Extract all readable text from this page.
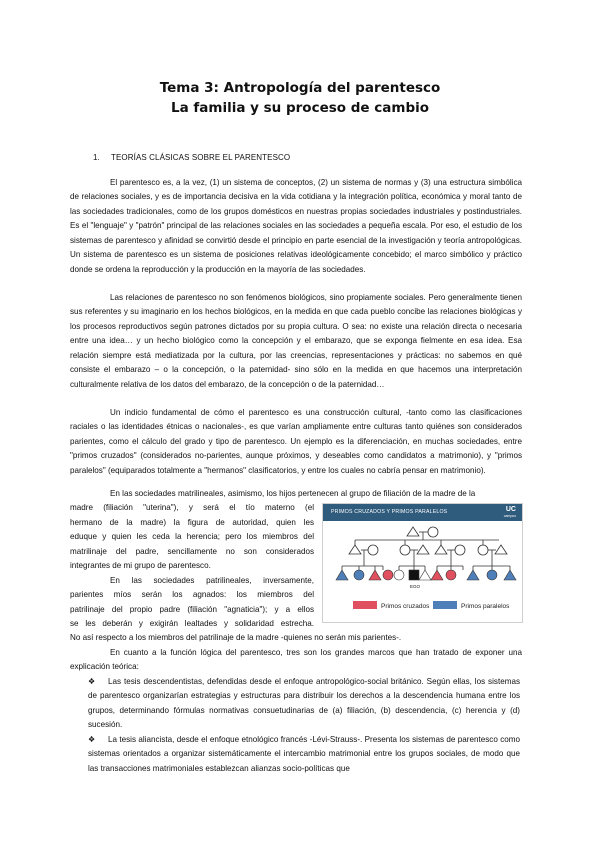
Tema 3: Antropología del parentesco
La familia y su proceso de cambio
1. TEORÍAS CLÁSICAS SOBRE EL PARENTESCO

El parentesco es, a la vez, (1) un sistema de conceptos, (2) un sistema de normas y (3) una estructura simbólica de relaciones sociales, y es de importancia decisiva en la vida cotidiana y la integración política, económica y moral tanto de las sociedades tradicionales, como de los grupos domésticos en nuestras propias sociedades industriales y postindustriales. Es el "lenguaje" y "patrón" principal de las relaciones sociales en las sociedades a pequeña escala. Por eso, el estudio de los sistemas de parentesco y afinidad se convirtió desde el principio en parte esencial de la investigación y teoría antropológicas. Un sistema de parentesco es un sistema de posiciones relativas ideológicamente concebido; el marco simbólico y práctico donde se ordena la reproducción y la producción en la mayoría de las sociedades.

Las relaciones de parentesco no son fenómenos biológicos, sino propiamente sociales. Pero generalmente tienen sus referentes y su imaginario en los hechos biológicos, en la medida en que cada pueblo concibe las relaciones biológicas y los procesos reproductivos según patrones dictados por su propia cultura. O sea: no existe una relación directa o necesaria entre una idea… y un hecho biológico como la concepción y el embarazo, que se exponga fielmente en esa idea. Esa relación siempre está mediatizada por la cultura, por las creencias, representaciones y prácticas: no sabemos en qué consiste el embarazo – o la concepción, o la paternidad- sino sólo en la medida en que hacemos una interpretación culturalmente relativa de los datos del embarazo, de la concepción o de la paternidad…

Un indicio fundamental de cómo el parentesco es una construcción cultural, -tanto como las clasificaciones raciales o las identidades étnicas o nacionales-, es que varían ampliamente entre culturas tanto quiénes son considerados parientes, como el cálculo del grado y tipo de parentesco. Un ejemplo es la diferenciación, en muchas sociedades, entre "primos cruzados" (considerados no-parientes, aunque próximos, y deseables como candidatos a matrimonio), y "primos paralelos" (equiparados totalmente a "hermanos" clasificatorios, y entre los cuales no cabría pensar en matrimonio).

En las sociedades matrilineales, asimismo, los hijos pertenecen al grupo de filiación de la madre de la

madre (filiación "uterina"), y será el tío materno (el
hermano de la madre) la figura de autoridad, quien les
eduque y quien les ceda la herencia; pero los miembros del
matrilinaje del padre, sencillamente no son considerados
integrantes de mi grupo de parentesco.
En las sociedades patrilineales, inversamente,
parientes míos serán los agnados: los miembros del
patrilinaje del propio padre (filiación "agnaticia"); y a ellos
se les deberán y exigirán lealtades y solidaridad estrecha.
No así respecto a los miembros del patrilinaje de la madre -quienes no serán mis parientes-.

En cuanto a la función lógica del parentesco, tres son los grandes marcos que han tratado de exponer una explicación teórica:

❖	Las tesis descendentistas, defendidas desde el enfoque antropológico-social británico. Según ellas, los sistemas de parentesco organizarían estrategias y estructuras para distribuir los derechos a la descendencia humana entre los grupos, determinando fórmulas normativas consuetudinarias de (a) filiación, (b) descendencia, (c) herencia y (d) sucesión.
❖	La tesis aliancista, desde el enfoque etnológico francés -Lévi-Strauss-. Presenta los sistemas de parentesco como sistemas orientados a organizar sistemáticamente el intercambio matrimonial entre los grupos sociales, de modo que las transacciones matrimoniales establezcan alianzas socio-políticas que
PRIMOS CRUZADOS Y PRIMOS PARALELOS	UC
campus
EGO
Primos cruzados	Primos paralelos
